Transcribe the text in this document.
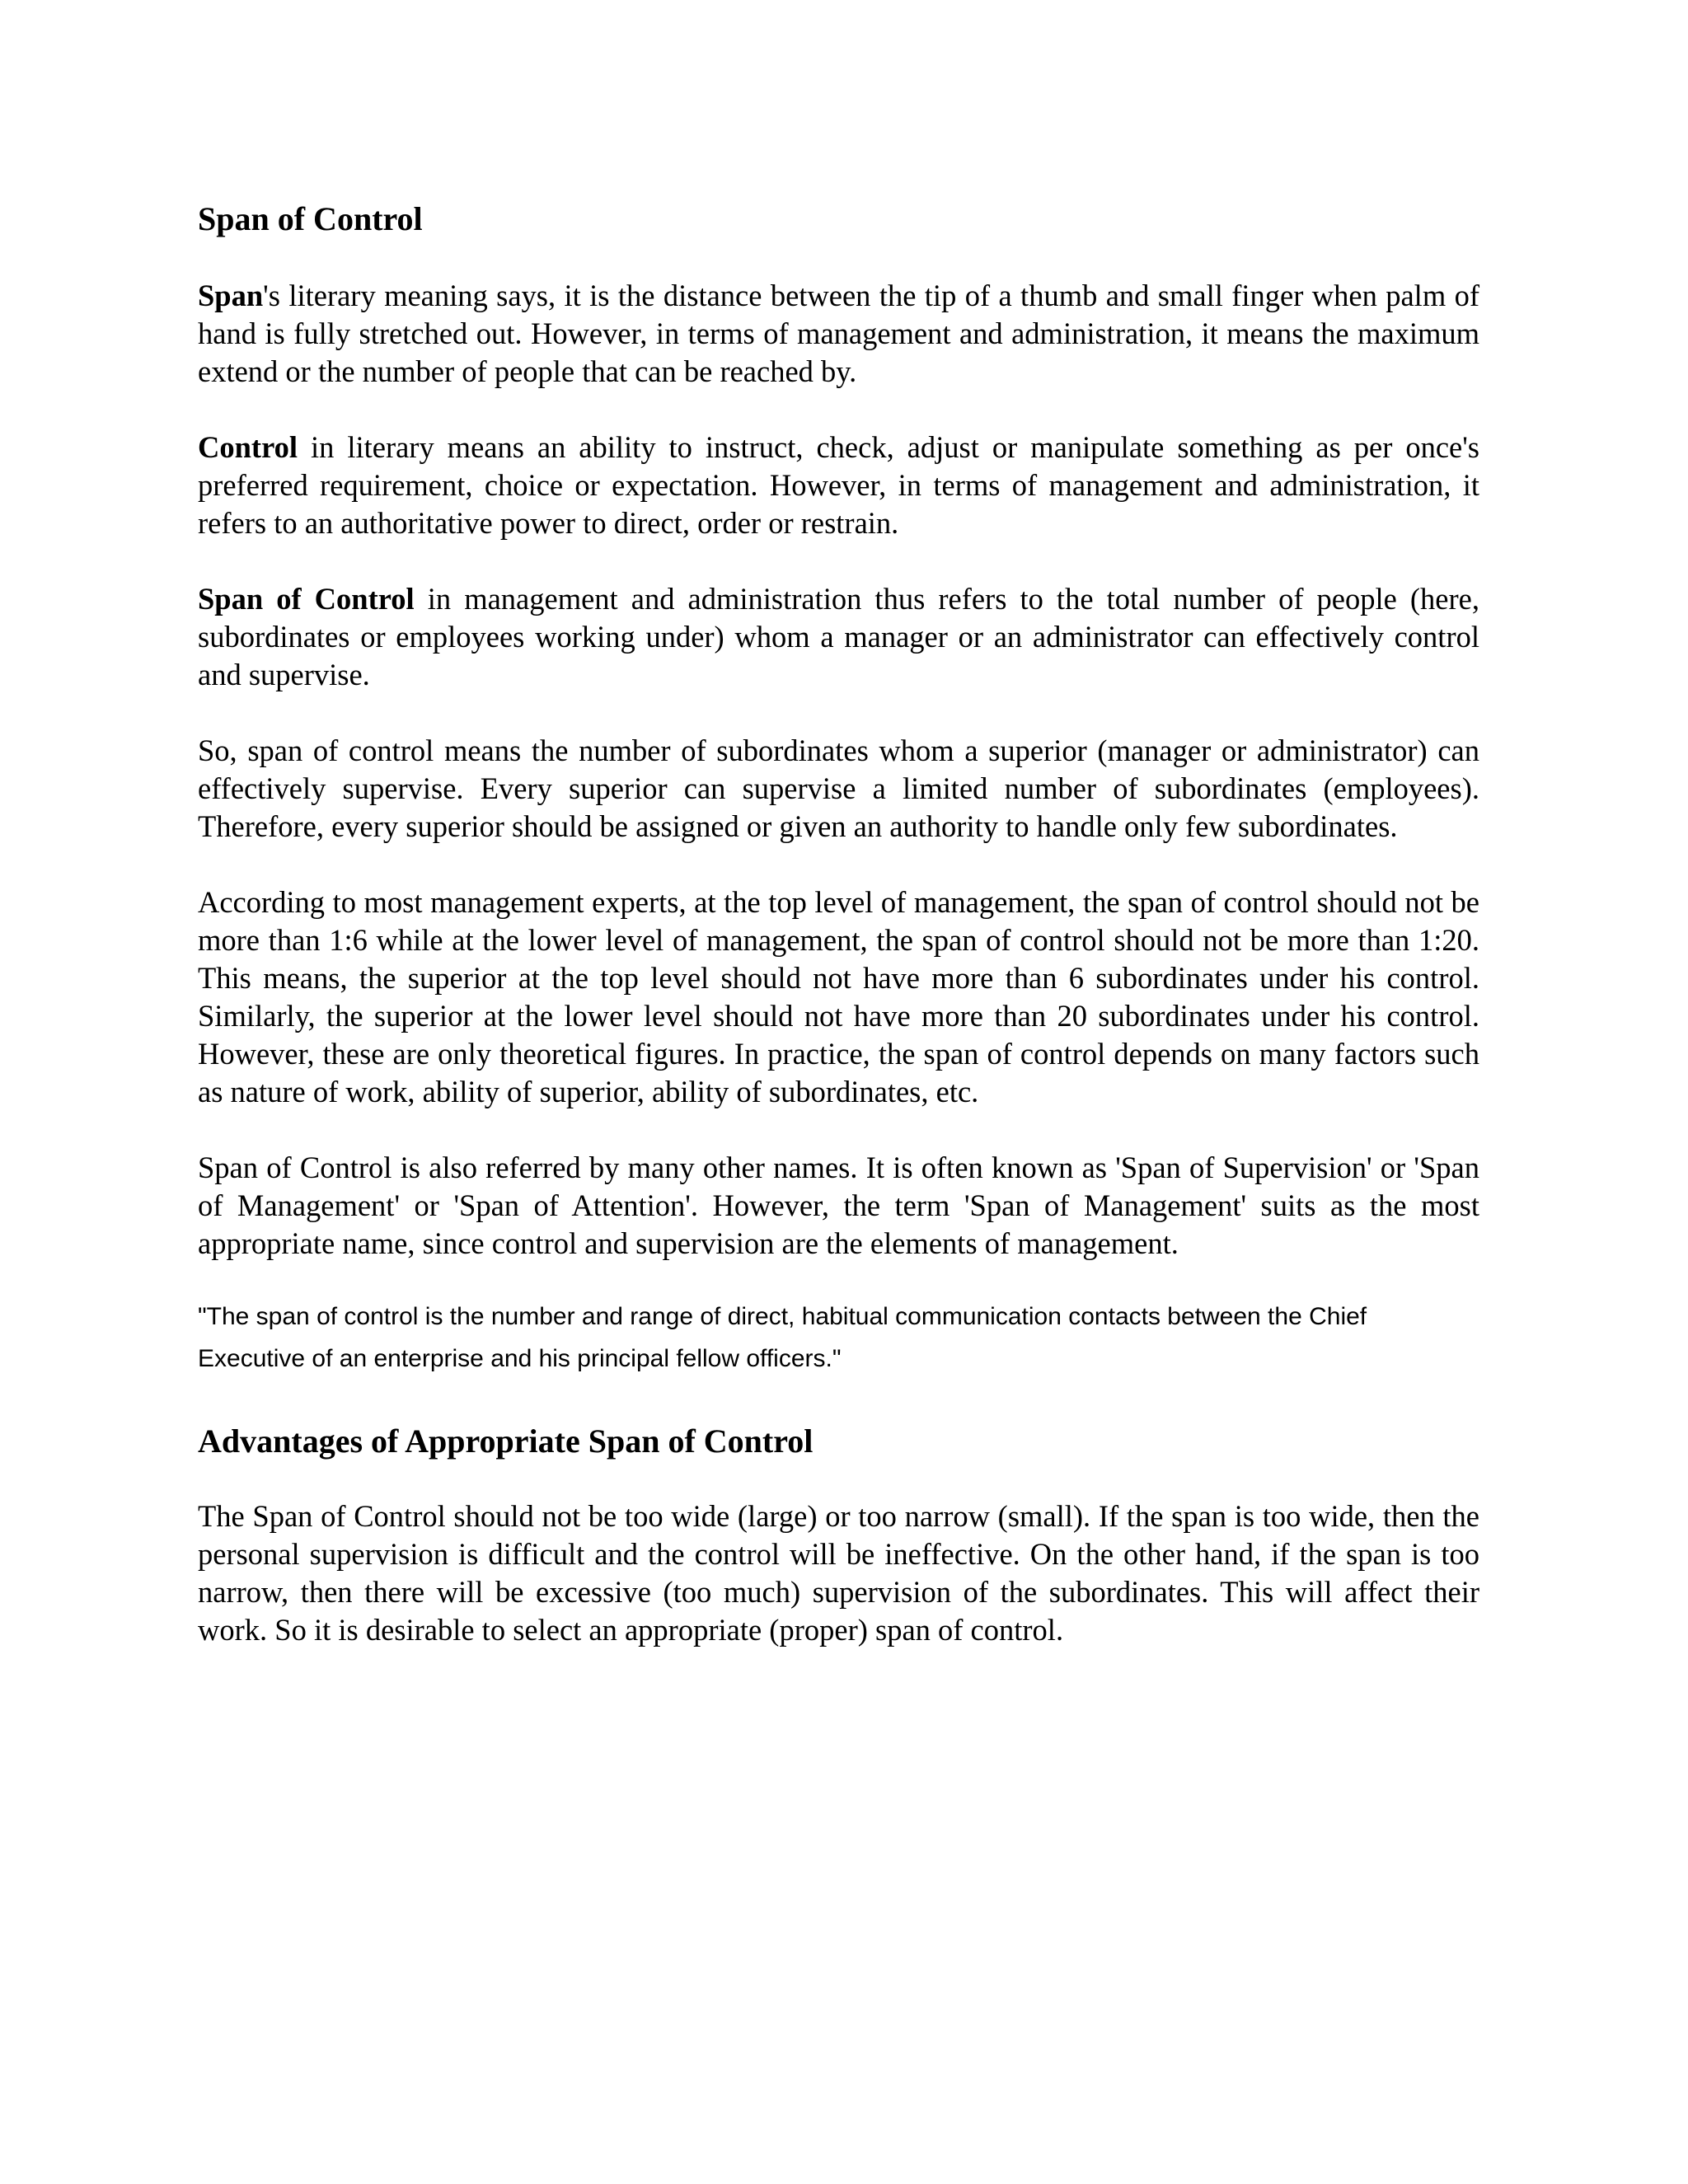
Span of Control

Span's literary meaning says, it is the distance between the tip of a thumb and small finger when palm of hand is fully stretched out. However, in terms of management and administration, it means the maximum extend or the number of people that can be reached by.

Control in literary means an ability to instruct, check, adjust or manipulate something as per once's preferred requirement, choice or expectation. However, in terms of management and administration, it refers to an authoritative power to direct, order or restrain.

Span of Control in management and administration thus refers to the total number of people (here, subordinates or employees working under) whom a manager or an administrator can effectively control and supervise.

So, span of control means the number of subordinates whom a superior (manager or administrator) can effectively supervise. Every superior can supervise a limited number of subordinates (employees). Therefore, every superior should be assigned or given an authority to handle only few subordinates.

According to most management experts, at the top level of management, the span of control should not be more than 1:6 while at the lower level of management, the span of control should not be more than 1:20. This means, the superior at the top level should not have more than 6 subordinates under his control. Similarly, the superior at the lower level should not have more than 20 subordinates under his control. However, these are only theoretical figures. In practice, the span of control depends on many factors such as nature of work, ability of superior, ability of subordinates, etc.

Span of Control is also referred by many other names. It is often known as 'Span of Supervision' or 'Span of Management' or 'Span of Attention'. However, the term 'Span of Management' suits as the most appropriate name, since control and supervision are the elements of management.

"The span of control is the number and range of direct, habitual communication contacts between the Chief Executive of an enterprise and his principal fellow officers."

Advantages of Appropriate Span of Control

The Span of Control should not be too wide (large) or too narrow (small). If the span is too wide, then the personal supervision is difficult and the control will be ineffective. On the other hand, if the span is too narrow, then there will be excessive (too much) supervision of the subordinates. This will affect their work. So it is desirable to select an appropriate (proper) span of control.
